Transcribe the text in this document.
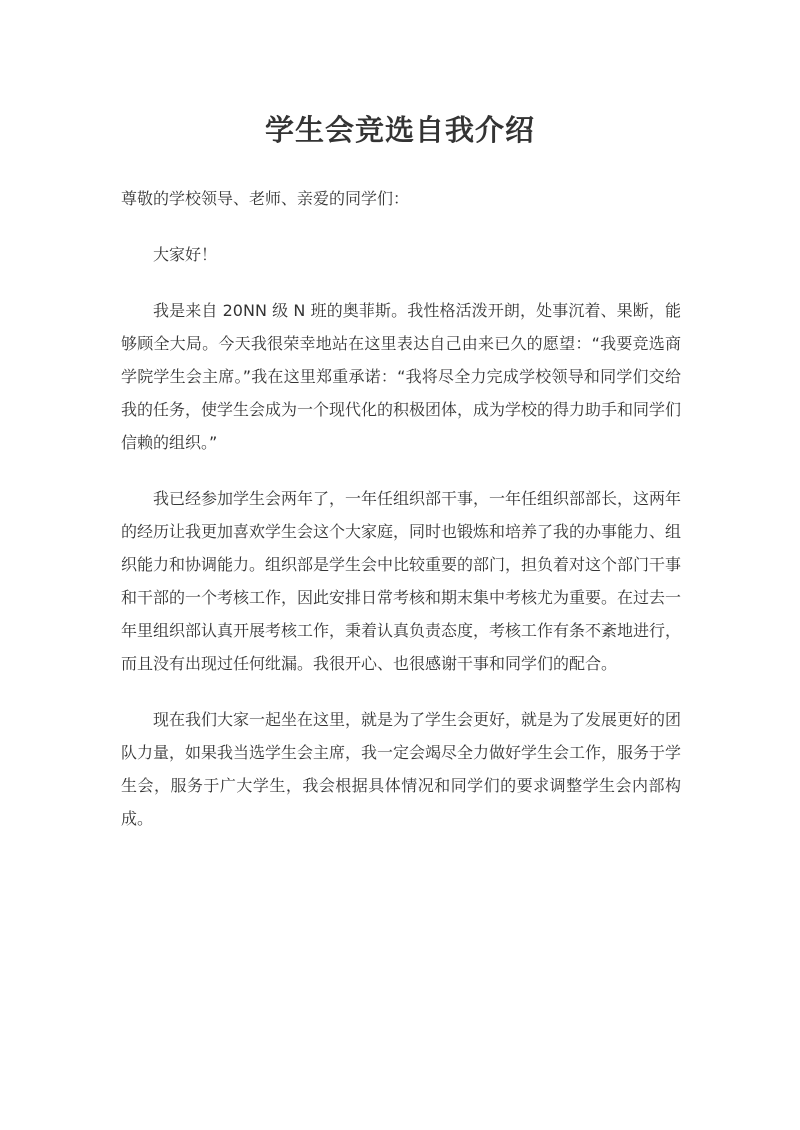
学生会竞选自我介绍

尊敬的学校领导、老师、亲爱的同学们：

大家好！

我是来自 20NN 级 N 班的奥菲斯。我性格活泼开朗，处事沉着、果断，能够顾全大局。今天我很荣幸地站在这里表达自己由来已久的愿望：“我要竞选商学院学生会主席。”我在这里郑重承诺：“我将尽全力完成学校领导和同学们交给我的任务，使学生会成为一个现代化的积极团体，成为学校的得力助手和同学们信赖的组织。”

我已经参加学生会两年了，一年任组织部干事，一年任组织部部长，这两年的经历让我更加喜欢学生会这个大家庭，同时也锻炼和培养了我的办事能力、组织能力和协调能力。组织部是学生会中比较重要的部门，担负着对这个部门干事和干部的一个考核工作，因此安排日常考核和期末集中考核尤为重要。在过去一年里组织部认真开展考核工作，秉着认真负责态度，考核工作有条不紊地进行，而且没有出现过任何纰漏。我很开心、也很感谢干事和同学们的配合。

现在我们大家一起坐在这里，就是为了学生会更好，就是为了发展更好的团队力量，如果我当选学生会主席，我一定会竭尽全力做好学生会工作，服务于学生会，服务于广大学生，我会根据具体情况和同学们的要求调整学生会内部构成。
